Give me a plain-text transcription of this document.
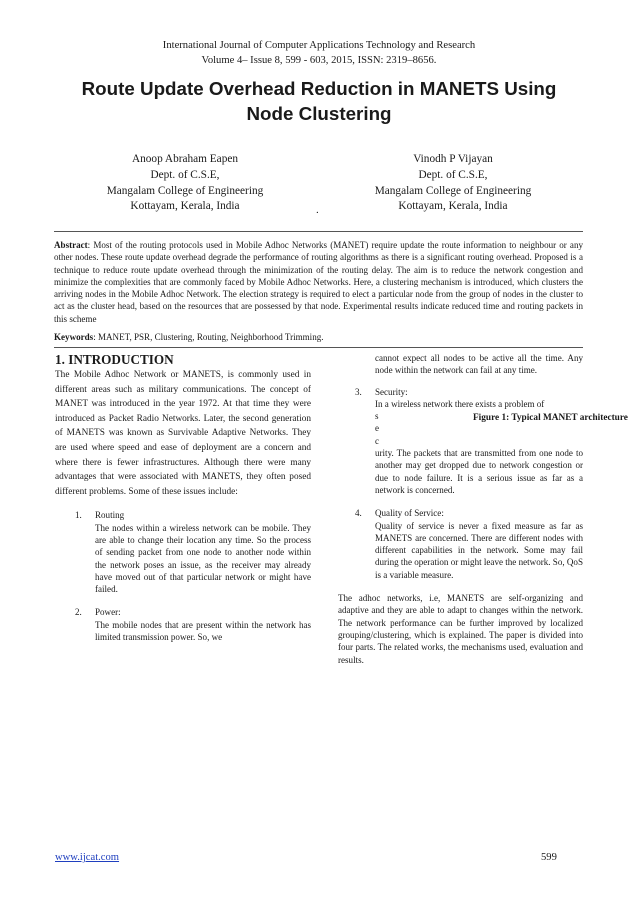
International Journal of Computer Applications Technology and Research
Volume 4– Issue 8, 599 - 603, 2015, ISSN: 2319–8656.
Route Update Overhead Reduction in MANETS Using
Node Clustering
Anoop Abraham Eapen
Dept. of C.S.E,
Mangalam College of Engineering
Kottayam, Kerala, India
Vinodh P Vijayan
Dept. of C.S.E,
Mangalam College of Engineering
Kottayam, Kerala, India
.
Abstract: Most of the routing protocols used in Mobile Adhoc Networks (MANET) require update the route information to neighbour or any other nodes. These route update overhead degrade the performance of routing algorithms as there is a significant routing overhead. Proposed is a technique to reduce route update overhead through the minimization of the routing delay. The aim is to reduce the network congestion and minimize the complexities that are commonly faced by Mobile Adhoc Networks. Here, a clustering mechanism is introduced, which clusters the arriving nodes in the Mobile Adhoc Network. The election strategy is required to elect a particular node from the group of nodes in the cluster to act as the cluster head, based on the resources that are possessed by that node. Experimental results indicate reduced time and routing packets in this scheme
Keywords: MANET, PSR, Clustering, Routing, Neighborhood Trimming.
1. INTRODUCTION

The Mobile Adhoc Network or MANETS, is commonly used in different areas such as military communications. The concept of MANET was introduced in the year 1972. At that time they were introduced as Packet Radio Networks. Later, the second generation of MANETS was known as Survivable Adaptive Networks. They are used where speed and ease of deployment are a concern and where there is fewer infrastructures. Although there were many advantages that were associated with MANETS, they often posed different problems. Some of these issues include:

1. Routing
The nodes within a wireless network can be mobile. They are able to change their location any time. So the process of sending packet from one node to another node within the network poses an issue, as the receiver may already have moved out of that particular network or might have failed.
2. Power:
The mobile nodes that are present within the network has limited transmission power. So, we
cannot expect all nodes to be active all the time. Any node within the network can fail at any time.
3. Security:
In a wireless network there exists a problem of
s
e
c
urity. The packets that are transmitted from one node to another may get dropped due to network congestion or due to node failure. It is a serious issue as far as a network is concerned.
4. Quality of Service:
Quality of service is never a fixed measure as far as MANETS are concerned. There are different nodes with different capabilities in the network. Some may fail during the operation or might leave the network. So, QoS is a variable measure.
The adhoc networks, i.e, MANETS are self-organizing and adaptive and they are able to adapt to changes within the network. The network performance can be further improved by localized grouping/clustering, which is explained. The paper is divided into four parts. The related works, the mechanisms used, evaluation and results.
Figure 1: Typical MANET architecture
www.ijcat.com	599
